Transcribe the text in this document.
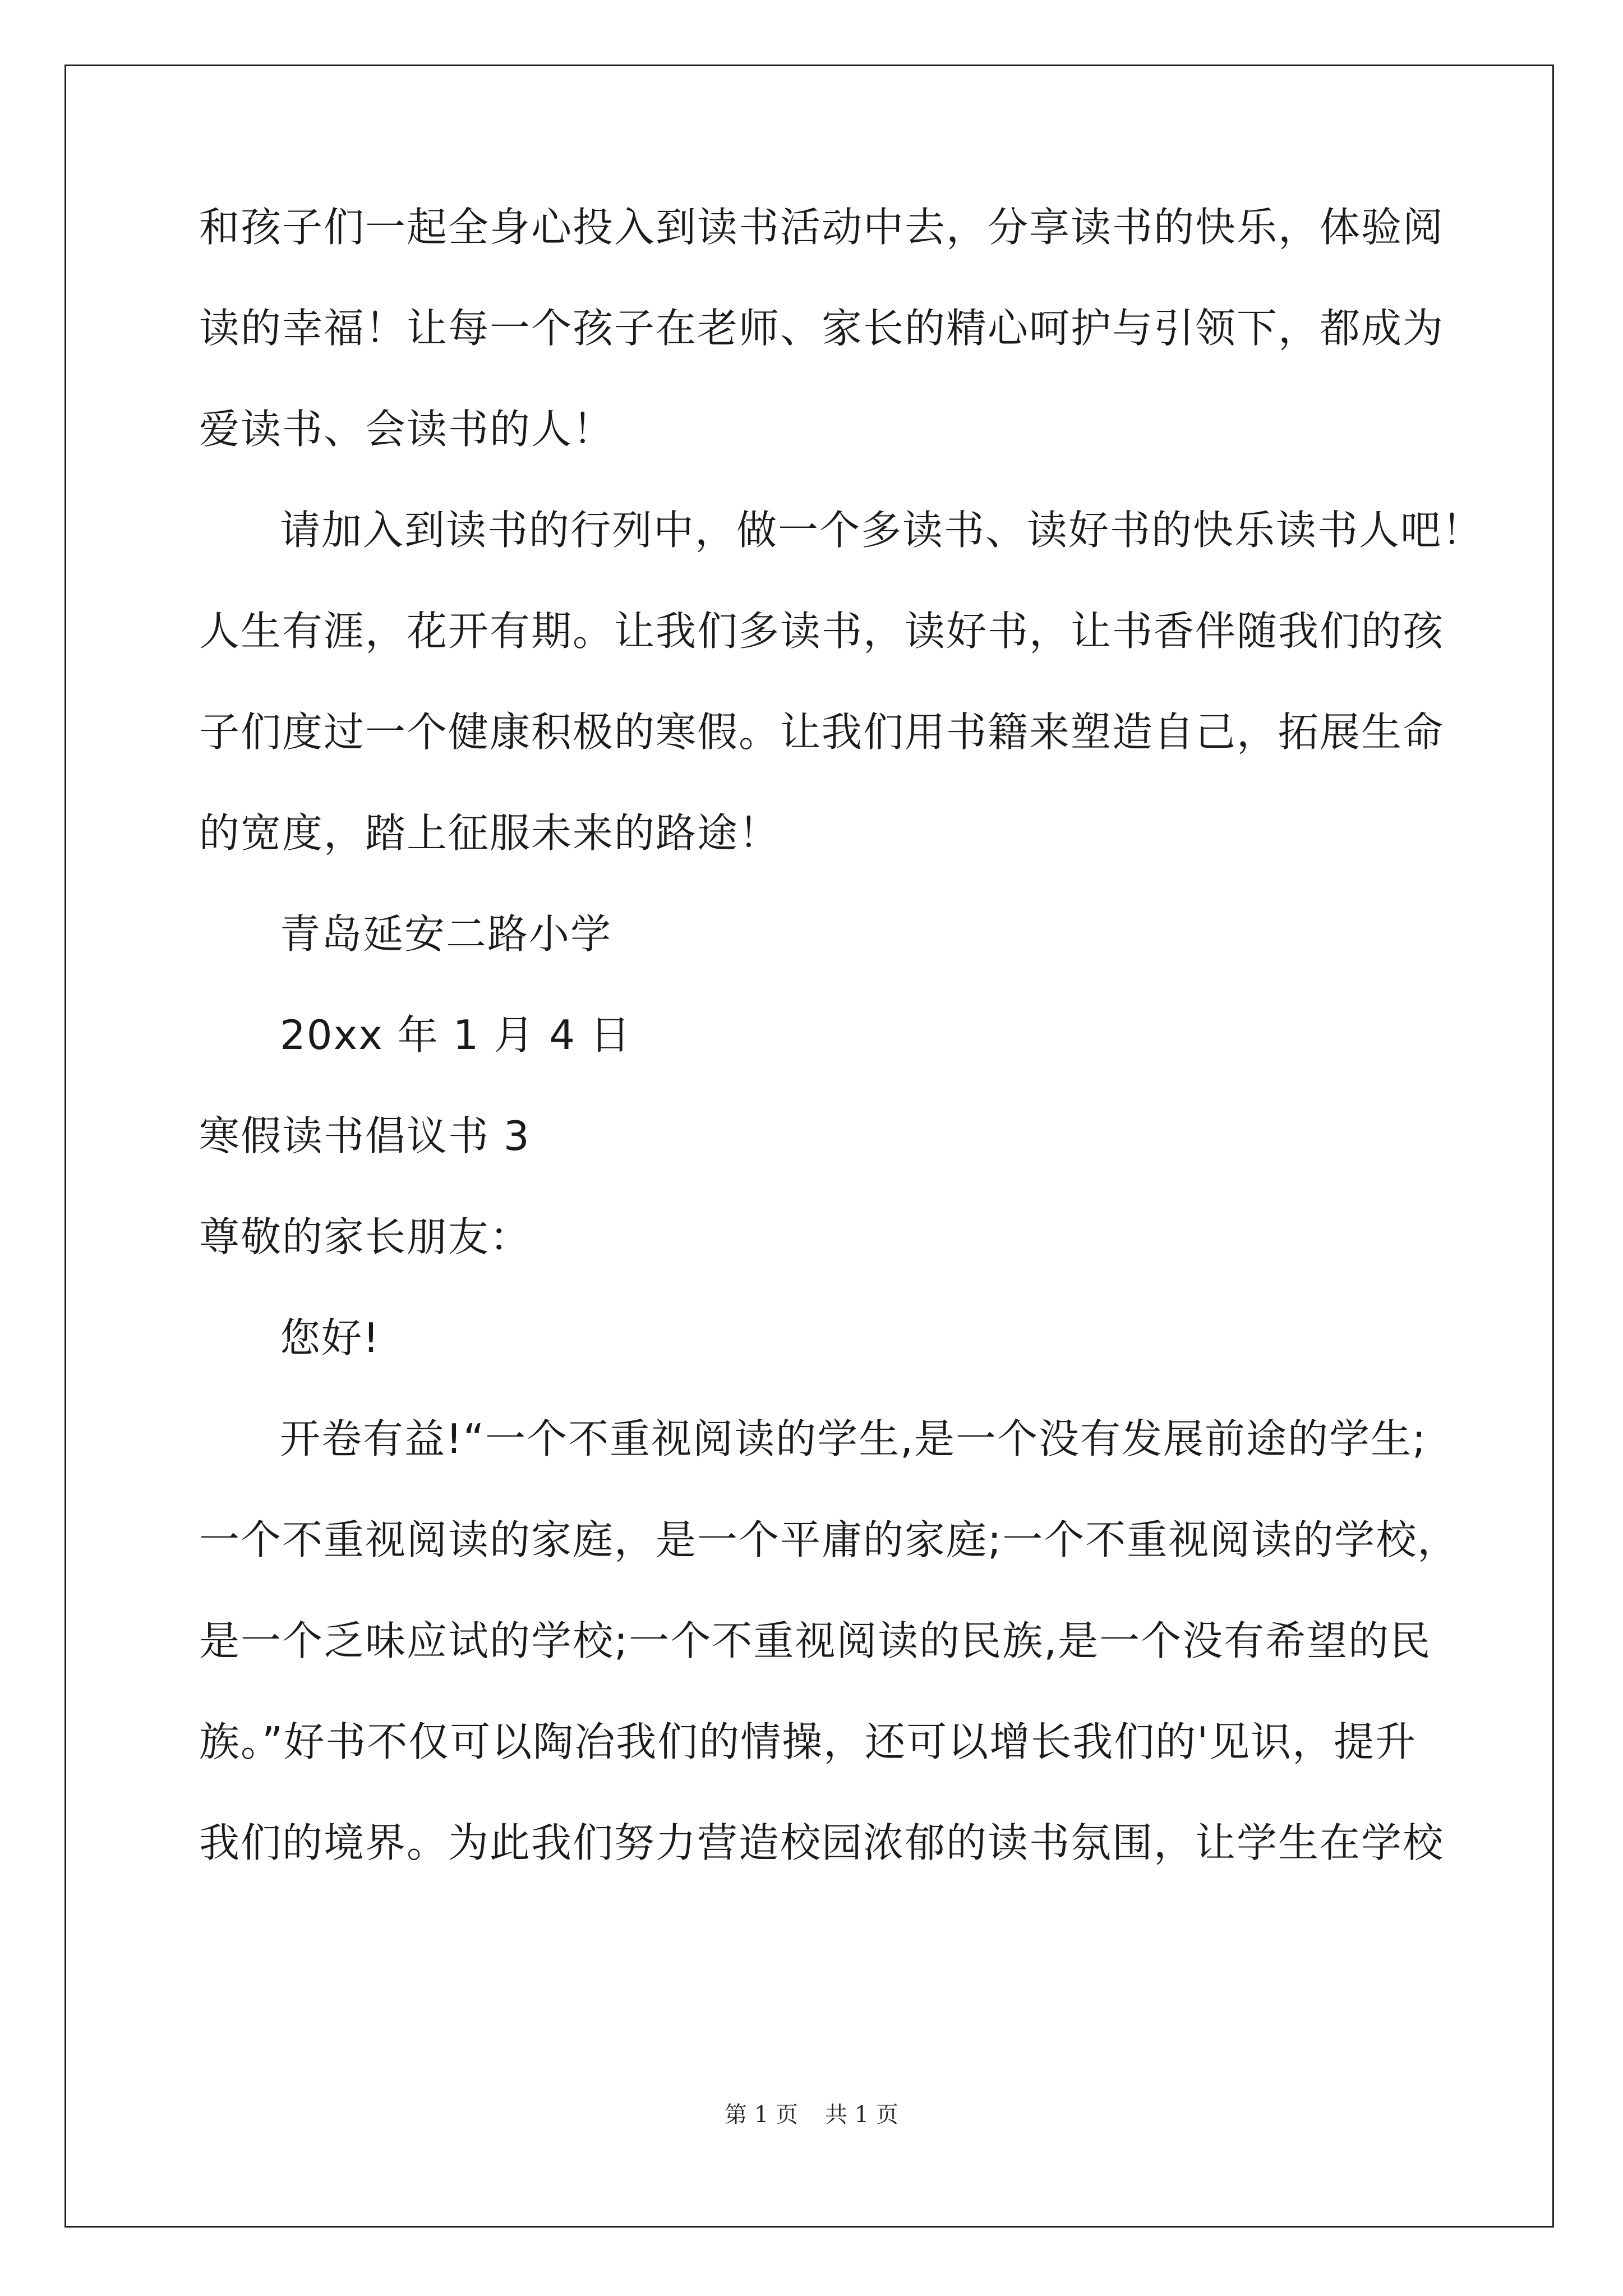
和孩子们一起全身心投入到读书活动中去，分享读书的快乐，体验阅
读的幸福！让每一个孩子在老师、家长的精心呵护与引领下，都成为
爱读书、会读书的人！
请加入到读书的行列中，做一个多读书、读好书的快乐读书人吧！
人生有涯，花开有期。让我们多读书，读好书，让书香伴随我们的孩
子们度过一个健康积极的寒假。让我们用书籍来塑造自己，拓展生命
的宽度，踏上征服未来的路途！
青岛延安二路小学
20xx 年 1 月 4 日
寒假读书倡议书 3
尊敬的家长朋友：
您好!
开卷有益!“一个不重视阅读的学生,是一个没有发展前途的学生;
一个不重视阅读的家庭，是一个平庸的家庭;一个不重视阅读的学校，
是一个乏味应试的学校;一个不重视阅读的民族,是一个没有希望的民
族。”好书不仅可以陶冶我们的情操，还可以增长我们的'见识，提升
我们的境界。为此我们努力营造校园浓郁的读书氛围，让学生在学校
第 1 页 共 1 页
